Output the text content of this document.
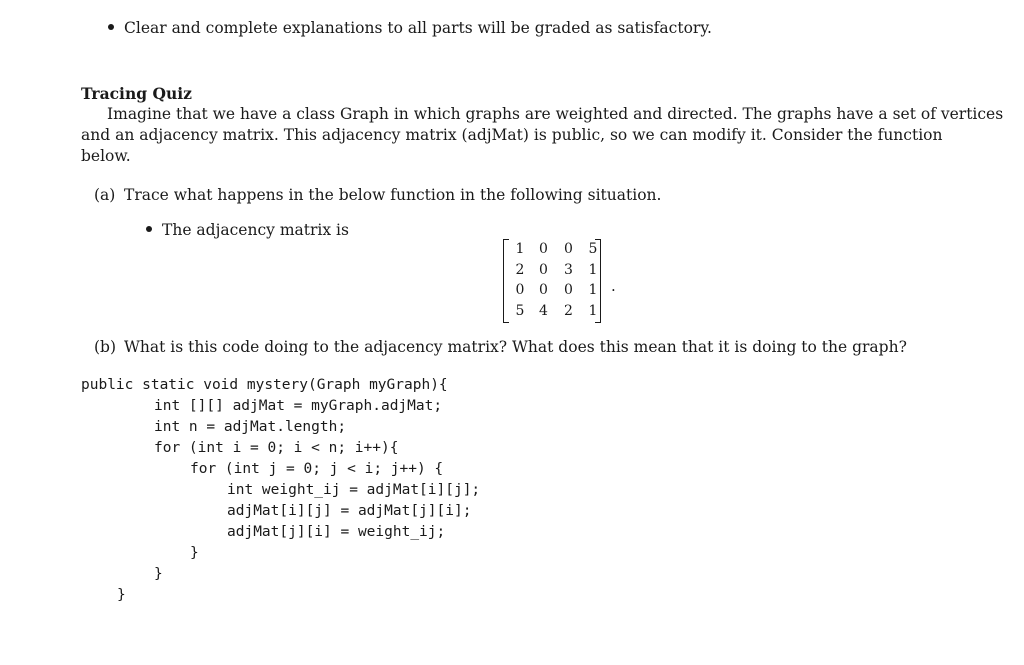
Clear and complete explanations to all parts will be graded as satisfactory.
Tracing Quiz
Imagine that we have a class Graph in which graphs are weighted and directed. The graphs have a set of vertices
and an adjacency matrix. This adjacency matrix (adjMat) is public, so we can modify it. Consider the function
below.
(a) Trace what happens in the below function in the following situation.
The adjacency matrix is
1	0	0	5
2	0	3	1
0	0	0	1
5	4	2	1
.
(b) What is this code doing to the adjacency matrix? What does this mean that it is doing to the graph?
public static void mystery(Graph myGraph){
int [][] adjMat = myGraph.adjMat;
int n = adjMat.length;
for (int i = 0; i < n; i++){
for (int j = 0; j < i; j++) {
int weight_ij = adjMat[i][j];
adjMat[i][j] = adjMat[j][i];
adjMat[j][i] = weight_ij;
}
}
}
